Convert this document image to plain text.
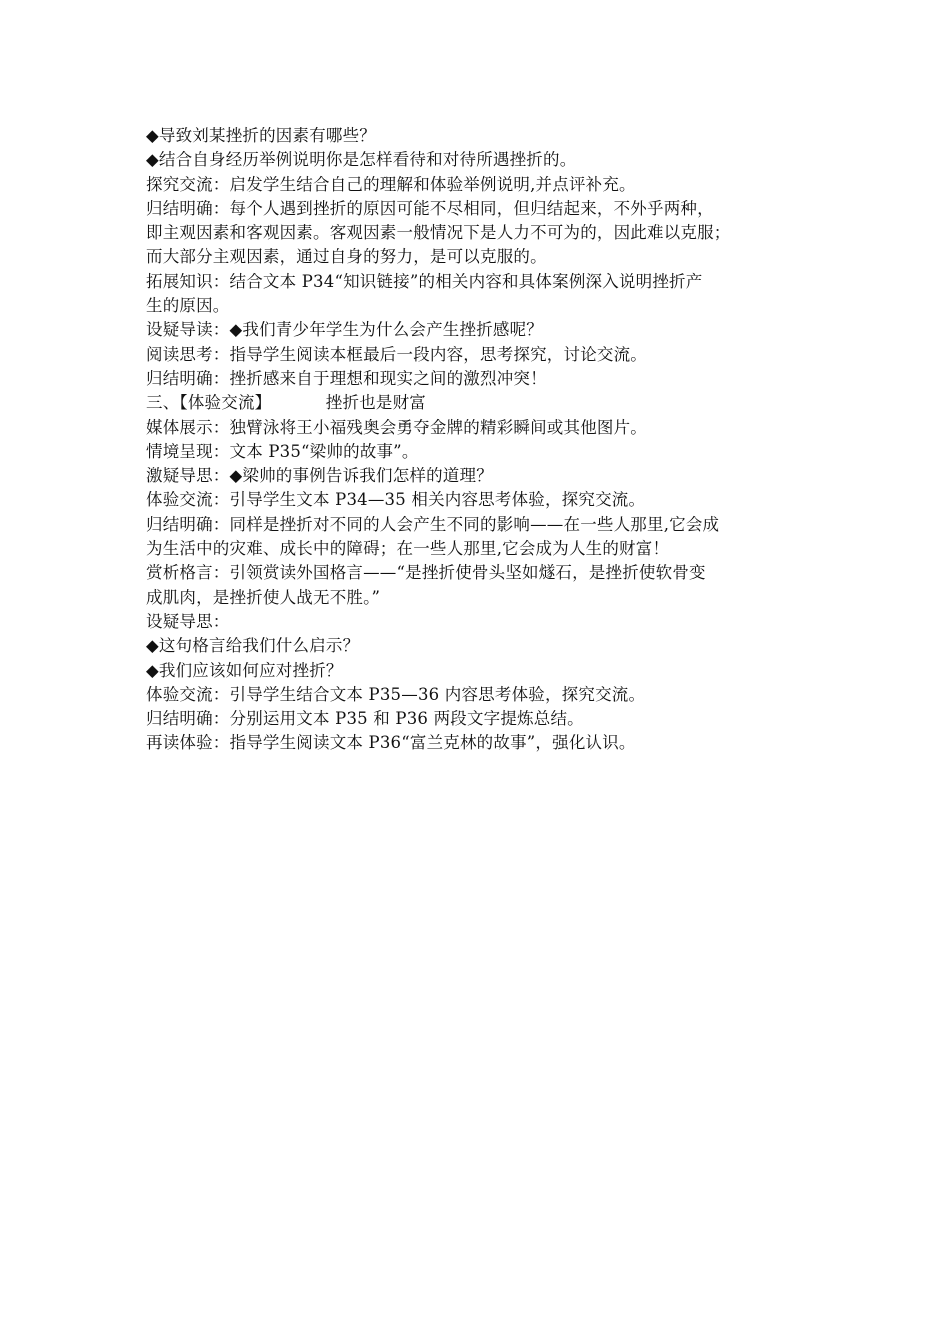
◆导致刘某挫折的因素有哪些？
◆结合自身经历举例说明你是怎样看待和对待所遇挫折的。
探究交流：启发学生结合自己的理解和体验举例说明,并点评补充。
归结明确：每个人遇到挫折的原因可能不尽相同，但归结起来，不外乎两种，
即主观因素和客观因素。客观因素一般情况下是人力不可为的，因此难以克服；
而大部分主观因素，通过自身的努力，是可以克服的。
拓展知识：结合文本 P34“知识链接”的相关内容和具体案例深入说明挫折产
生的原因。
设疑导读：◆我们青少年学生为什么会产生挫折感呢？
阅读思考：指导学生阅读本框最后一段内容，思考探究，讨论交流。
归结明确：挫折感来自于理想和现实之间的激烈冲突！
三、【体验交流】          挫折也是财富
媒体展示：独臂泳将王小福残奥会勇夺金牌的精彩瞬间或其他图片。
情境呈现：文本 P35“梁帅的故事”。
激疑导思：◆梁帅的事例告诉我们怎样的道理？
体验交流：引导学生文本 P34—35 相关内容思考体验，探究交流。
归结明确：同样是挫折对不同的人会产生不同的影响——在一些人那里,它会成
为生活中的灾难、成长中的障碍；在一些人那里,它会成为人生的财富！
赏析格言：引领赏读外国格言——“是挫折使骨头坚如燧石，是挫折使软骨变
成肌肉，是挫折使人战无不胜。”
设疑导思：
◆这句格言给我们什么启示？
◆我们应该如何应对挫折？
体验交流：引导学生结合文本 P35—36 内容思考体验，探究交流。
归结明确：分别运用文本 P35 和 P36 两段文字提炼总结。
再读体验：指导学生阅读文本 P36“富兰克林的故事”，强化认识。
